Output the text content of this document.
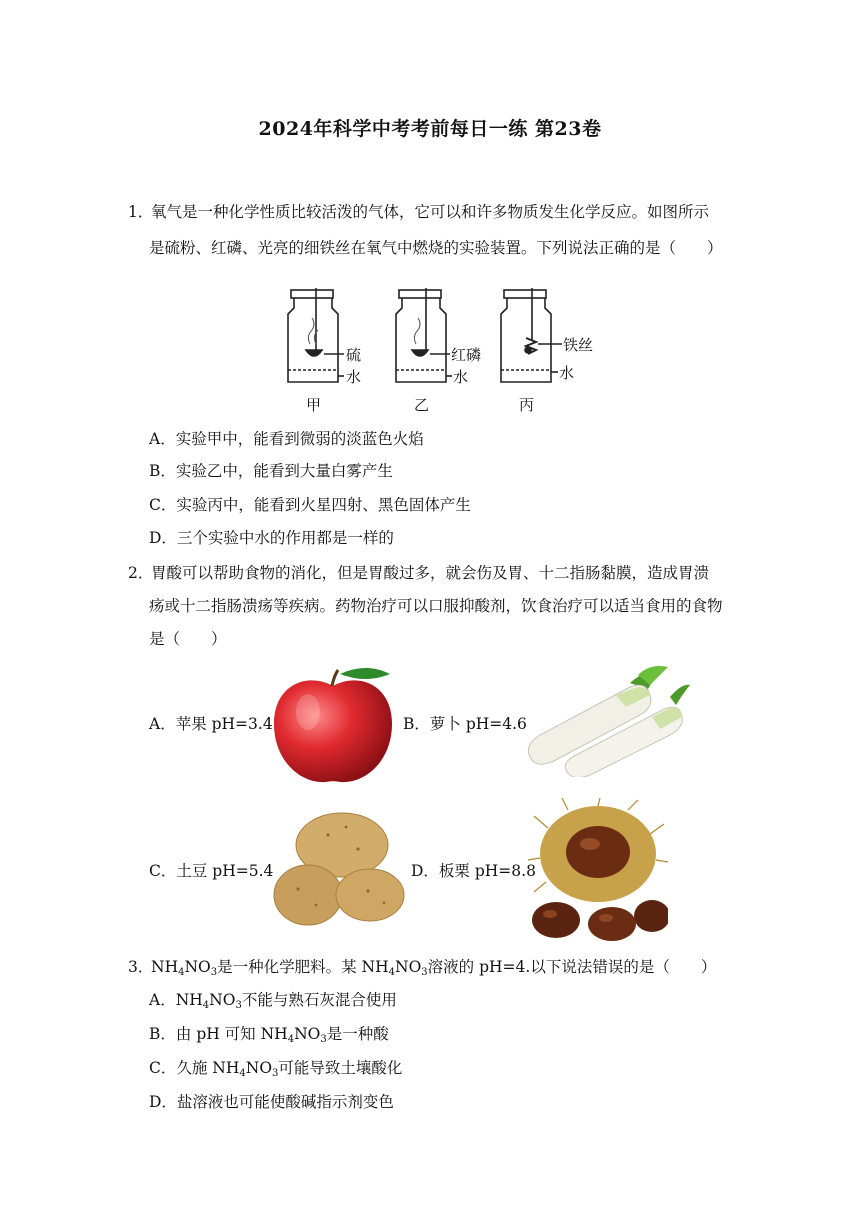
2024年科学中考考前每日一练 第23卷
1．
氧气是一种化学性质比较活泼的气体，它可以和许多物质发生化学反应。如图所示
是硫粉、红磷、光亮的细铁丝在氧气中燃烧的实验装置。下列说法正确的是（　　）
硫
水
甲
红磷
水
乙
铁丝
水
丙
A．实验甲中，能看到微弱的淡蓝色火焰
B．实验乙中，能看到大量白雾产生
C．实验丙中，能看到火星四射、黑色固体产生
D．三个实验中水的作用都是一样的
2．
胃酸可以帮助食物的消化，但是胃酸过多，就会伤及胃、十二指肠黏膜，造成胃溃
疡或十二指肠溃疡等疾病。药物治疗可以口服抑酸剂，饮食治疗可以适当食用的食物
是（　　）
A．苹果 pH=3.4	B．萝卜 pH=4.6
C．土豆 pH=5.4	D．板栗 pH=8.8
3．
$NH_4NO_3$是一种化学肥料。某 $NH_4NO_3$溶液的 pH=4.以下说法错误的是（　　）
A．$NH_4NO_3$不能与熟石灰混合使用
B．由 pH 可知 $NH_4NO_3$是一种酸
C．久施 $NH_4NO_3$可能导致土壤酸化
D．盐溶液也可能使酸碱指示剂变色
